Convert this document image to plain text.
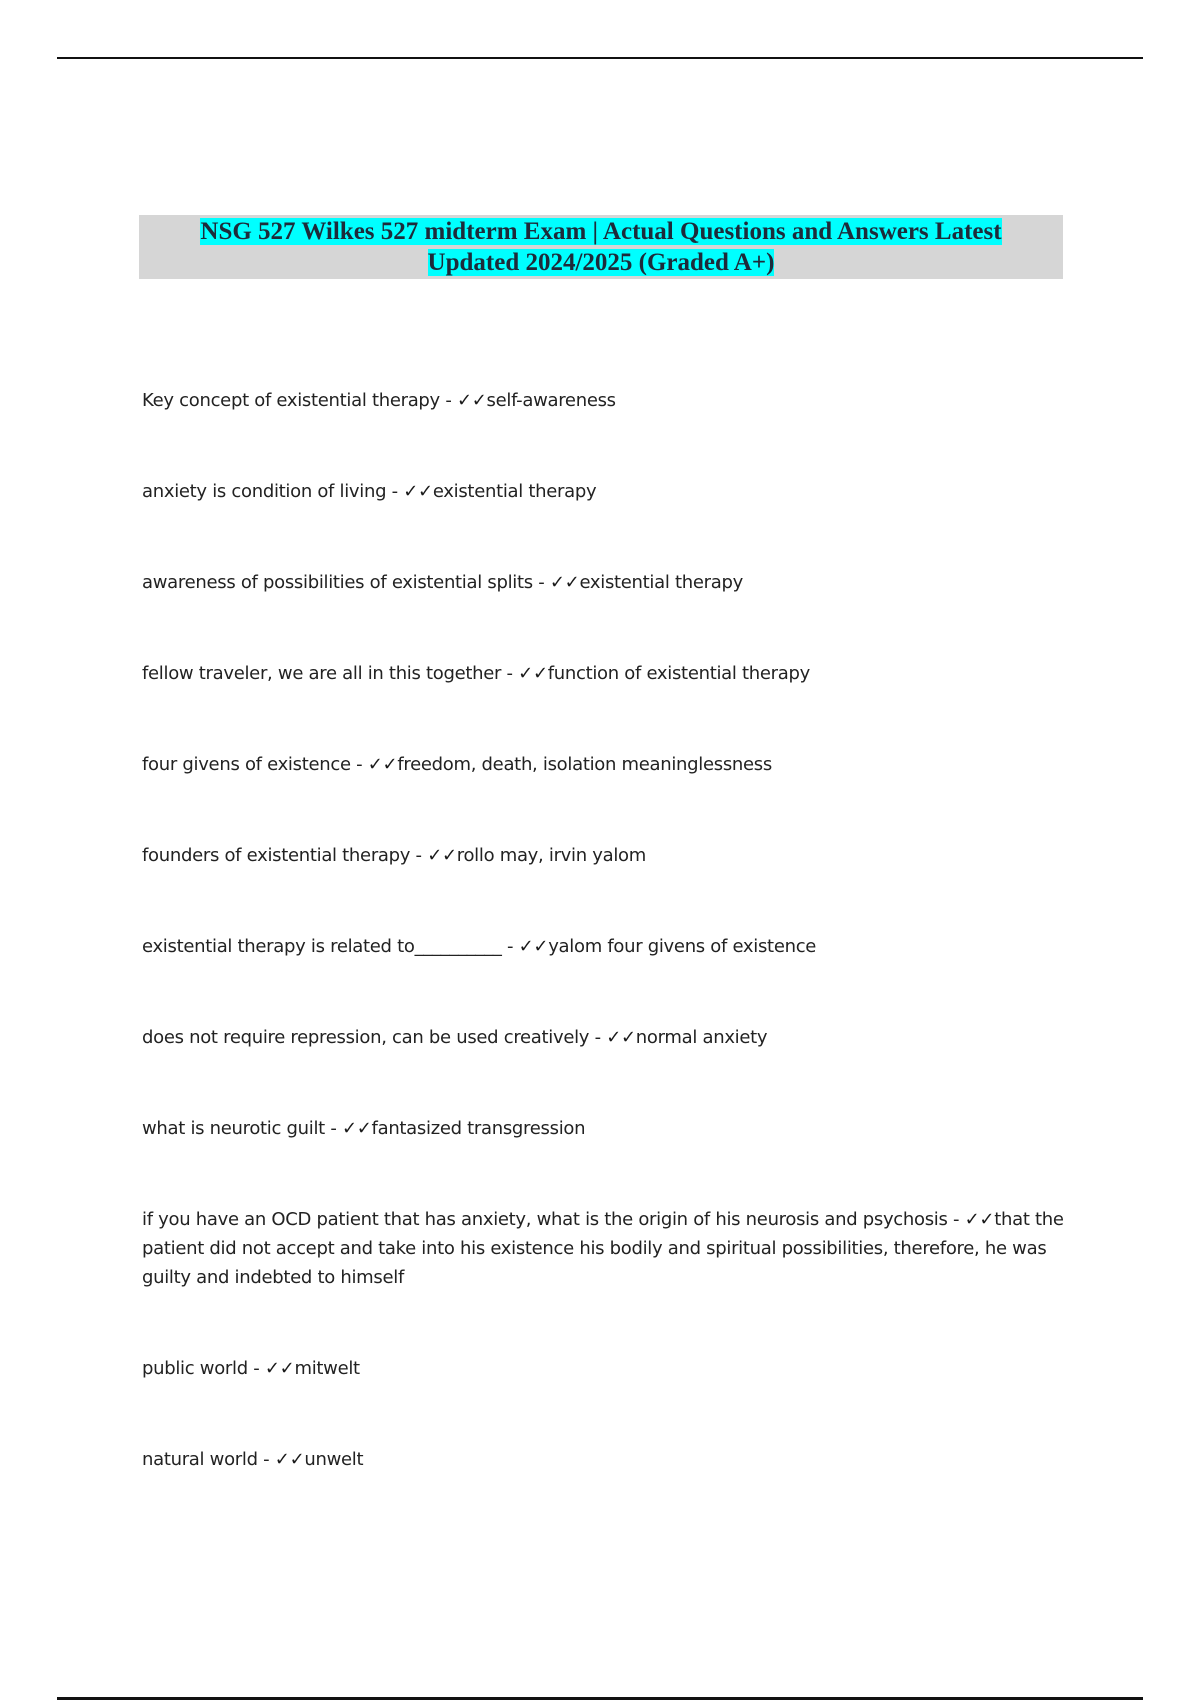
NSG 527 Wilkes 527 midterm Exam | Actual Questions and Answers Latest
Updated 2024/2025 (Graded A+)

Key concept of existential therapy - ✓✓self-awareness
anxiety is condition of living - ✓✓existential therapy
awareness of possibilities of existential splits - ✓✓existential therapy
fellow traveler, we are all in this together - ✓✓function of existential therapy
four givens of existence - ✓✓freedom, death, isolation meaninglessness
founders of existential therapy - ✓✓rollo may, irvin yalom
existential therapy is related to__________ - ✓✓yalom four givens of existence
does not require repression, can be used creatively - ✓✓normal anxiety
what is neurotic guilt - ✓✓fantasized transgression
if you have an OCD patient that has anxiety, what is the origin of his neurosis and psychosis - ✓✓that the patient did not accept and take into his existence his bodily and spiritual possibilities, therefore, he was guilty and indebted to himself
public world - ✓✓mitwelt
natural world - ✓✓unwelt
